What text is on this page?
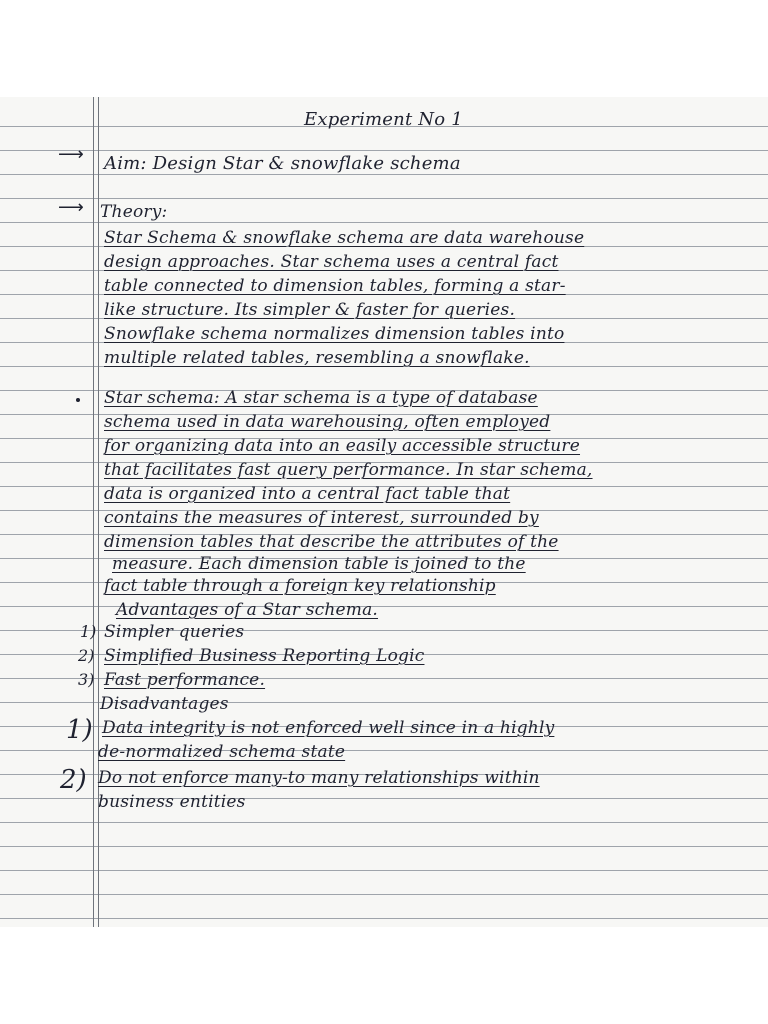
Experiment No 1
⟶ Aim: Design Star & snowflake schema
⟶ Theory:
Star Schema & snowflake schema are data warehouse
design approaches. Star schema uses a central fact
table connected to dimension tables, forming a star-
like structure. Its simpler & faster for queries.
Snowflake schema normalizes dimension tables into
multiple related tables, resembling a snowflake.
Star schema: A star schema is a type of database
schema used in data warehousing, often employed
for organizing data into an easily accessible structure
that facilitates fast query performance. In star schema,
data is organized into a central fact table that
contains the measures of interest, surrounded by
dimension tables that describe the attributes of the
measure. Each dimension table is joined to the
fact table through a foreign key relationship
Advantages of a Star schema.
1) Simpler queries
2) Simplified Business Reporting Logic
3) Fast performance.
Disadvantages
1) Data integrity is not enforced well since in a highly
de-normalized schema state
2) Do not enforce many-to many relationships within
business entities
